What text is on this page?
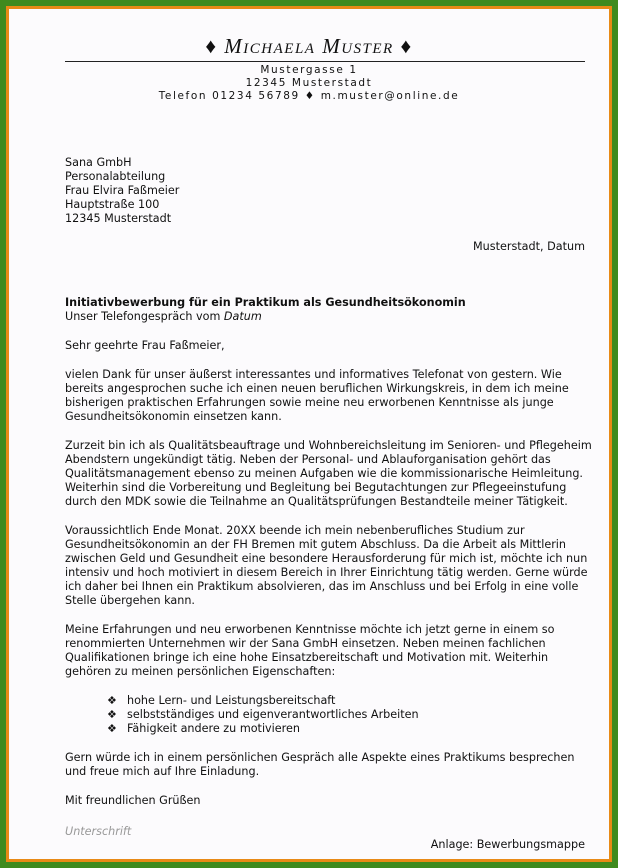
♦ Michaela Muster ♦
Mustergasse 1
12345 Musterstadt
Telefon 01234 56789 ♦ m.muster@online.de
Sana GmbH
Personalabteilung
Frau Elvira Faßmeier
Hauptstraße 100
12345 Musterstadt
Musterstadt, Datum
Initiativbewerbung für ein Praktikum als Gesundheitsökonomin
Unser Telefongespräch vom Datum

Sehr geehrte Frau Faßmeier,

vielen Dank für unser äußerst interessantes und informatives Telefonat von gestern. Wie bereits angesprochen suche ich einen neuen beruflichen Wirkungskreis, in dem ich meine bisherigen praktischen Erfahrungen sowie meine neu erworbenen Kenntnisse als junge Gesundheitsökonomin einsetzen kann.

Zurzeit bin ich als Qualitätsbeauftrage und Wohnbereichsleitung im Senioren- und Pflegeheim Abendstern ungekündigt tätig. Neben der Personal- und Ablauforganisation gehört das Qualitätsmanagement ebenso zu meinen Aufgaben wie die kommissionarische Heimleitung. Weiterhin sind die Vorbereitung und Begleitung bei Begutachtungen zur Pflegeeinstufung durch den MDK sowie die Teilnahme an Qualitätsprüfungen Bestandteile meiner Tätigkeit.

Voraussichtlich Ende Monat. 20XX beende ich mein nebenberufliches Studium zur Gesundheitsökonomin an der FH Bremen mit gutem Abschluss. Da die Arbeit als Mittlerin zwischen Geld und Gesundheit eine besondere Herausforderung für mich ist, möchte ich nun intensiv und hoch motiviert in diesem Bereich in Ihrer Einrichtung tätig werden. Gerne würde ich daher bei Ihnen ein Praktikum absolvieren, das im Anschluss und bei Erfolg in eine volle Stelle übergehen kann.

Meine Erfahrungen und neu erworbenen Kenntnisse möchte ich jetzt gerne in einem so renommierten Unternehmen wir der Sana GmbH einsetzen. Neben meinen fachlichen Qualifikationen bringe ich eine hohe Einsatzbereitschaft und Motivation mit. Weiterhin gehören zu meinen persönlichen Eigenschaften:

❖ hohe Lern- und Leistungsbereitschaft
❖ selbstständiges und eigenverantwortliches Arbeiten
❖ Fähigkeit andere zu motivieren

Gern würde ich in einem persönlichen Gespräch alle Aspekte eines Praktikums besprechen und freue mich auf Ihre Einladung.

Mit freundlichen Grüßen

Unterschrift
Anlage: Bewerbungsmappe
